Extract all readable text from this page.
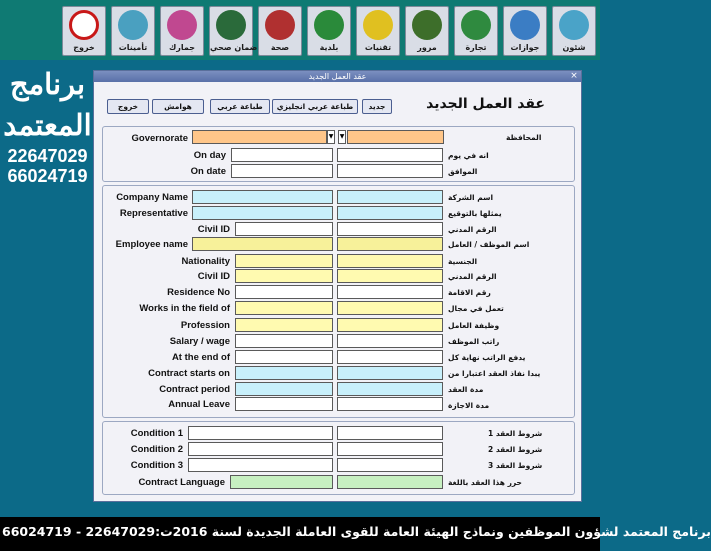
شئون
جوازات
تجارة
مرور
تقنيات
بلدية
صحة
ضمان صحي
جمارك
تأمينات
خروج
برنامج
المعتمد
22647029
66024719
عقد العمل الجديد	×
خروج	هوامش	طباعة عربي	طباعة عربي انجليزي	جديد	عقد العمل الجديد
Governorate	▼ ▼	المحافظة
On day	انه في يوم
On date	الموافق
Company Name	اسم الشركة
Representative	يمثلها بالتوقيع
Civil ID	الرقم المدني
Employee name	اسم الموظف / العامل
Nationality	الجنسية
Civil ID	الرقم المدني
Residence No	رقم الاقامة
Works in the field of	تعمل في مجال
Profession	وظيفة العامل
Salary / wage	راتب الموظف
At the end of	يدفع الراتب نهاية كل
Contract starts on	يبدا نفاذ العقد اعتبارا من
Contract period	مدة العقد
Annual Leave	مدة الاجازة
Condition 1	شروط العقد 1
Condition 2	شروط العقد 2
Condition 3	شروط العقد 3
Contract Language	حرر هذا العقد باللغة
برنامج المعتمد لشؤون الموظفين ونماذج الهيئة العامة للقوى العاملة الجديدة لسنة 2016ت:22647029 - 66024719
